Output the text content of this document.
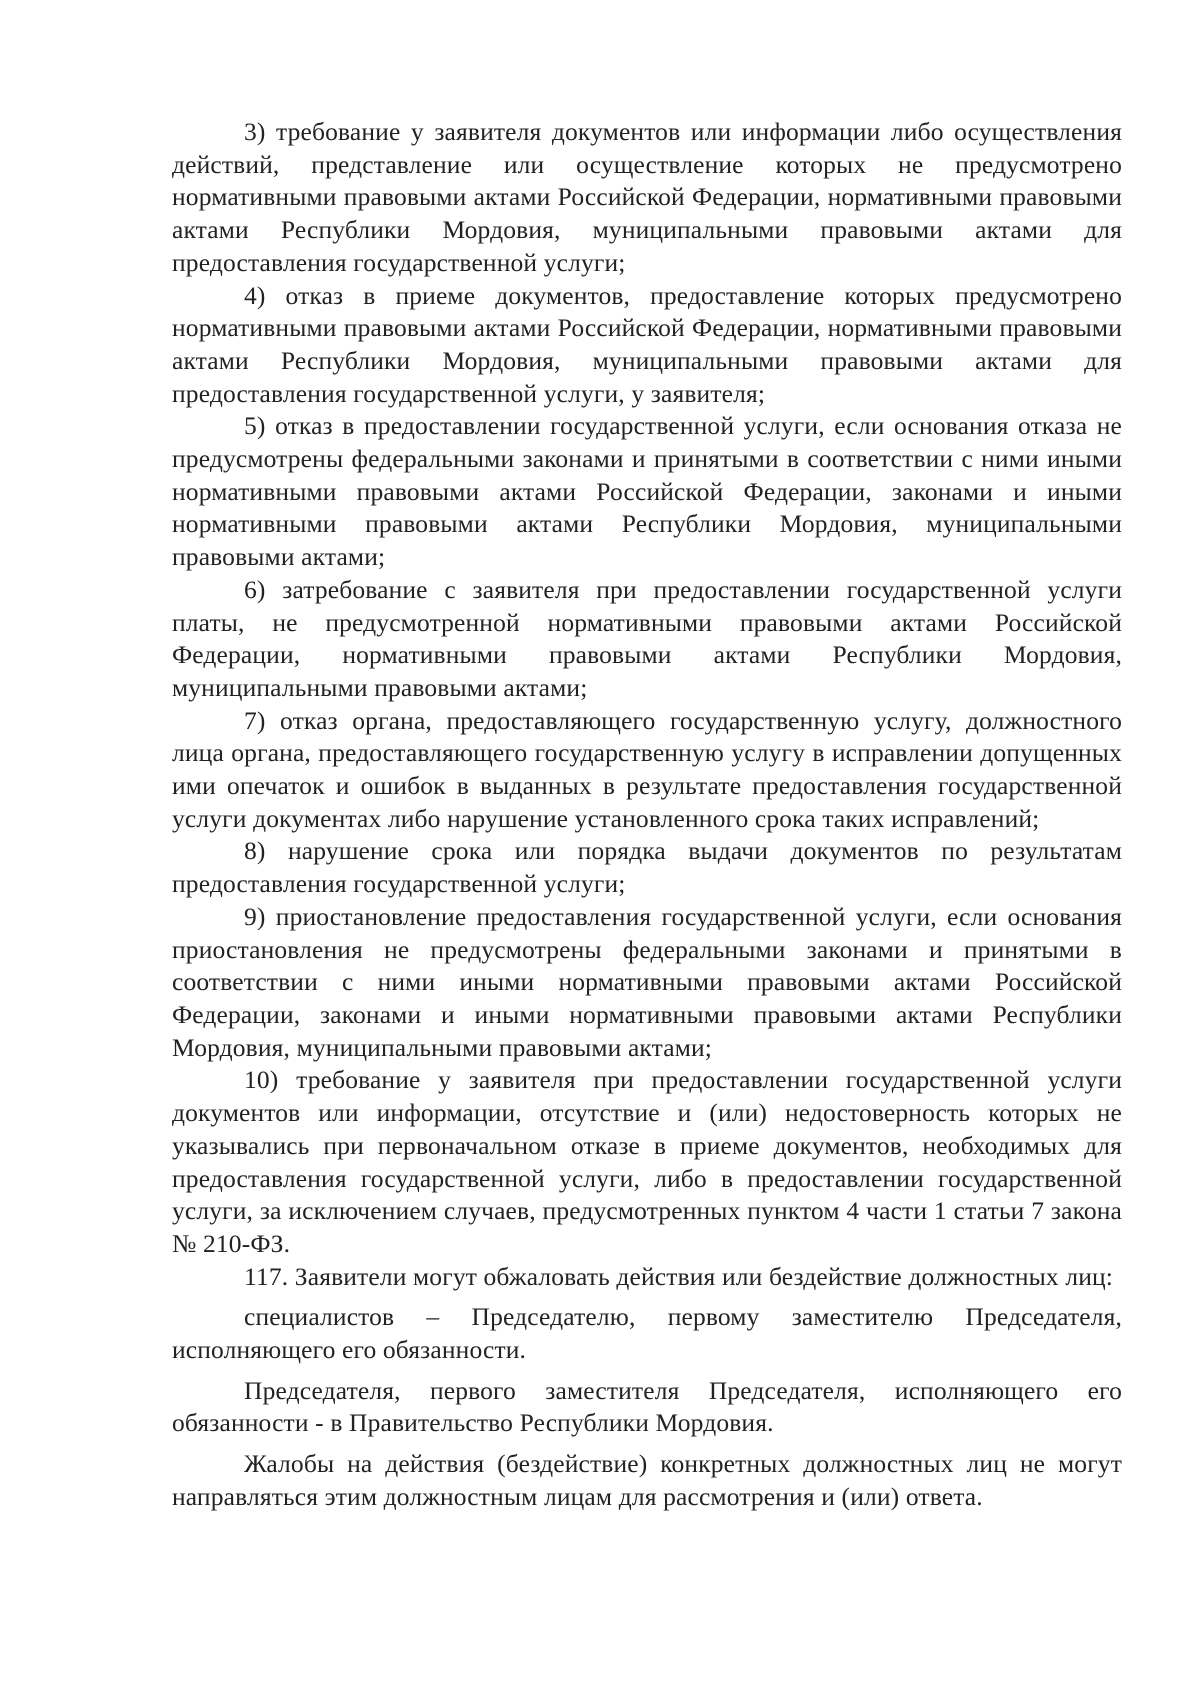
3) требование у заявителя документов или информации либо осуществления действий, представление или осуществление которых не предусмотрено нормативными правовыми актами Российской Федерации, нормативными правовыми актами Республики Мордовия, муниципальными правовыми актами для предоставления государственной услуги;

4) отказ в приеме документов, предоставление которых предусмотрено нормативными правовыми актами Российской Федерации, нормативными правовыми актами Республики Мордовия, муниципальными правовыми актами для предоставления государственной услуги, у заявителя;

5) отказ в предоставлении государственной услуги, если основания отказа не предусмотрены федеральными законами и принятыми в соответствии с ними иными нормативными правовыми актами Российской Федерации, законами и иными нормативными правовыми актами Республики Мордовия, муниципальными правовыми актами;

6) затребование с заявителя при предоставлении государственной услуги платы, не предусмотренной нормативными правовыми актами Российской Федерации, нормативными правовыми актами Республики Мордовия, муниципальными правовыми актами;

7) отказ органа, предоставляющего государственную услугу, должностного лица органа, предоставляющего государственную услугу в исправлении допущенных ими опечаток и ошибок в выданных в результате предоставления государственной услуги документах либо нарушение установленного срока таких исправлений;

8) нарушение срока или порядка выдачи документов по результатам предоставления государственной услуги;

9) приостановление предоставления государственной услуги, если основания приостановления не предусмотрены федеральными законами и принятыми в соответствии с ними иными нормативными правовыми актами Российской Федерации, законами и иными нормативными правовыми актами Республики Мордовия, муниципальными правовыми актами;

10) требование у заявителя при предоставлении государственной услуги документов или информации, отсутствие и (или) недостоверность которых не указывались при первоначальном отказе в приеме документов, необходимых для предоставления государственной услуги, либо в предоставлении государственной услуги, за исключением случаев, предусмотренных пунктом 4 части 1 статьи 7 закона № 210-ФЗ.

117. Заявители могут обжаловать действия или бездействие должностных лиц:

специалистов – Председателю, первому заместителю Председателя, исполняющего его обязанности.

Председателя, первого заместителя Председателя, исполняющего его обязанности - в Правительство Республики Мордовия.

Жалобы на действия (бездействие) конкретных должностных лиц не могут направляться этим должностным лицам для рассмотрения и (или) ответа.
